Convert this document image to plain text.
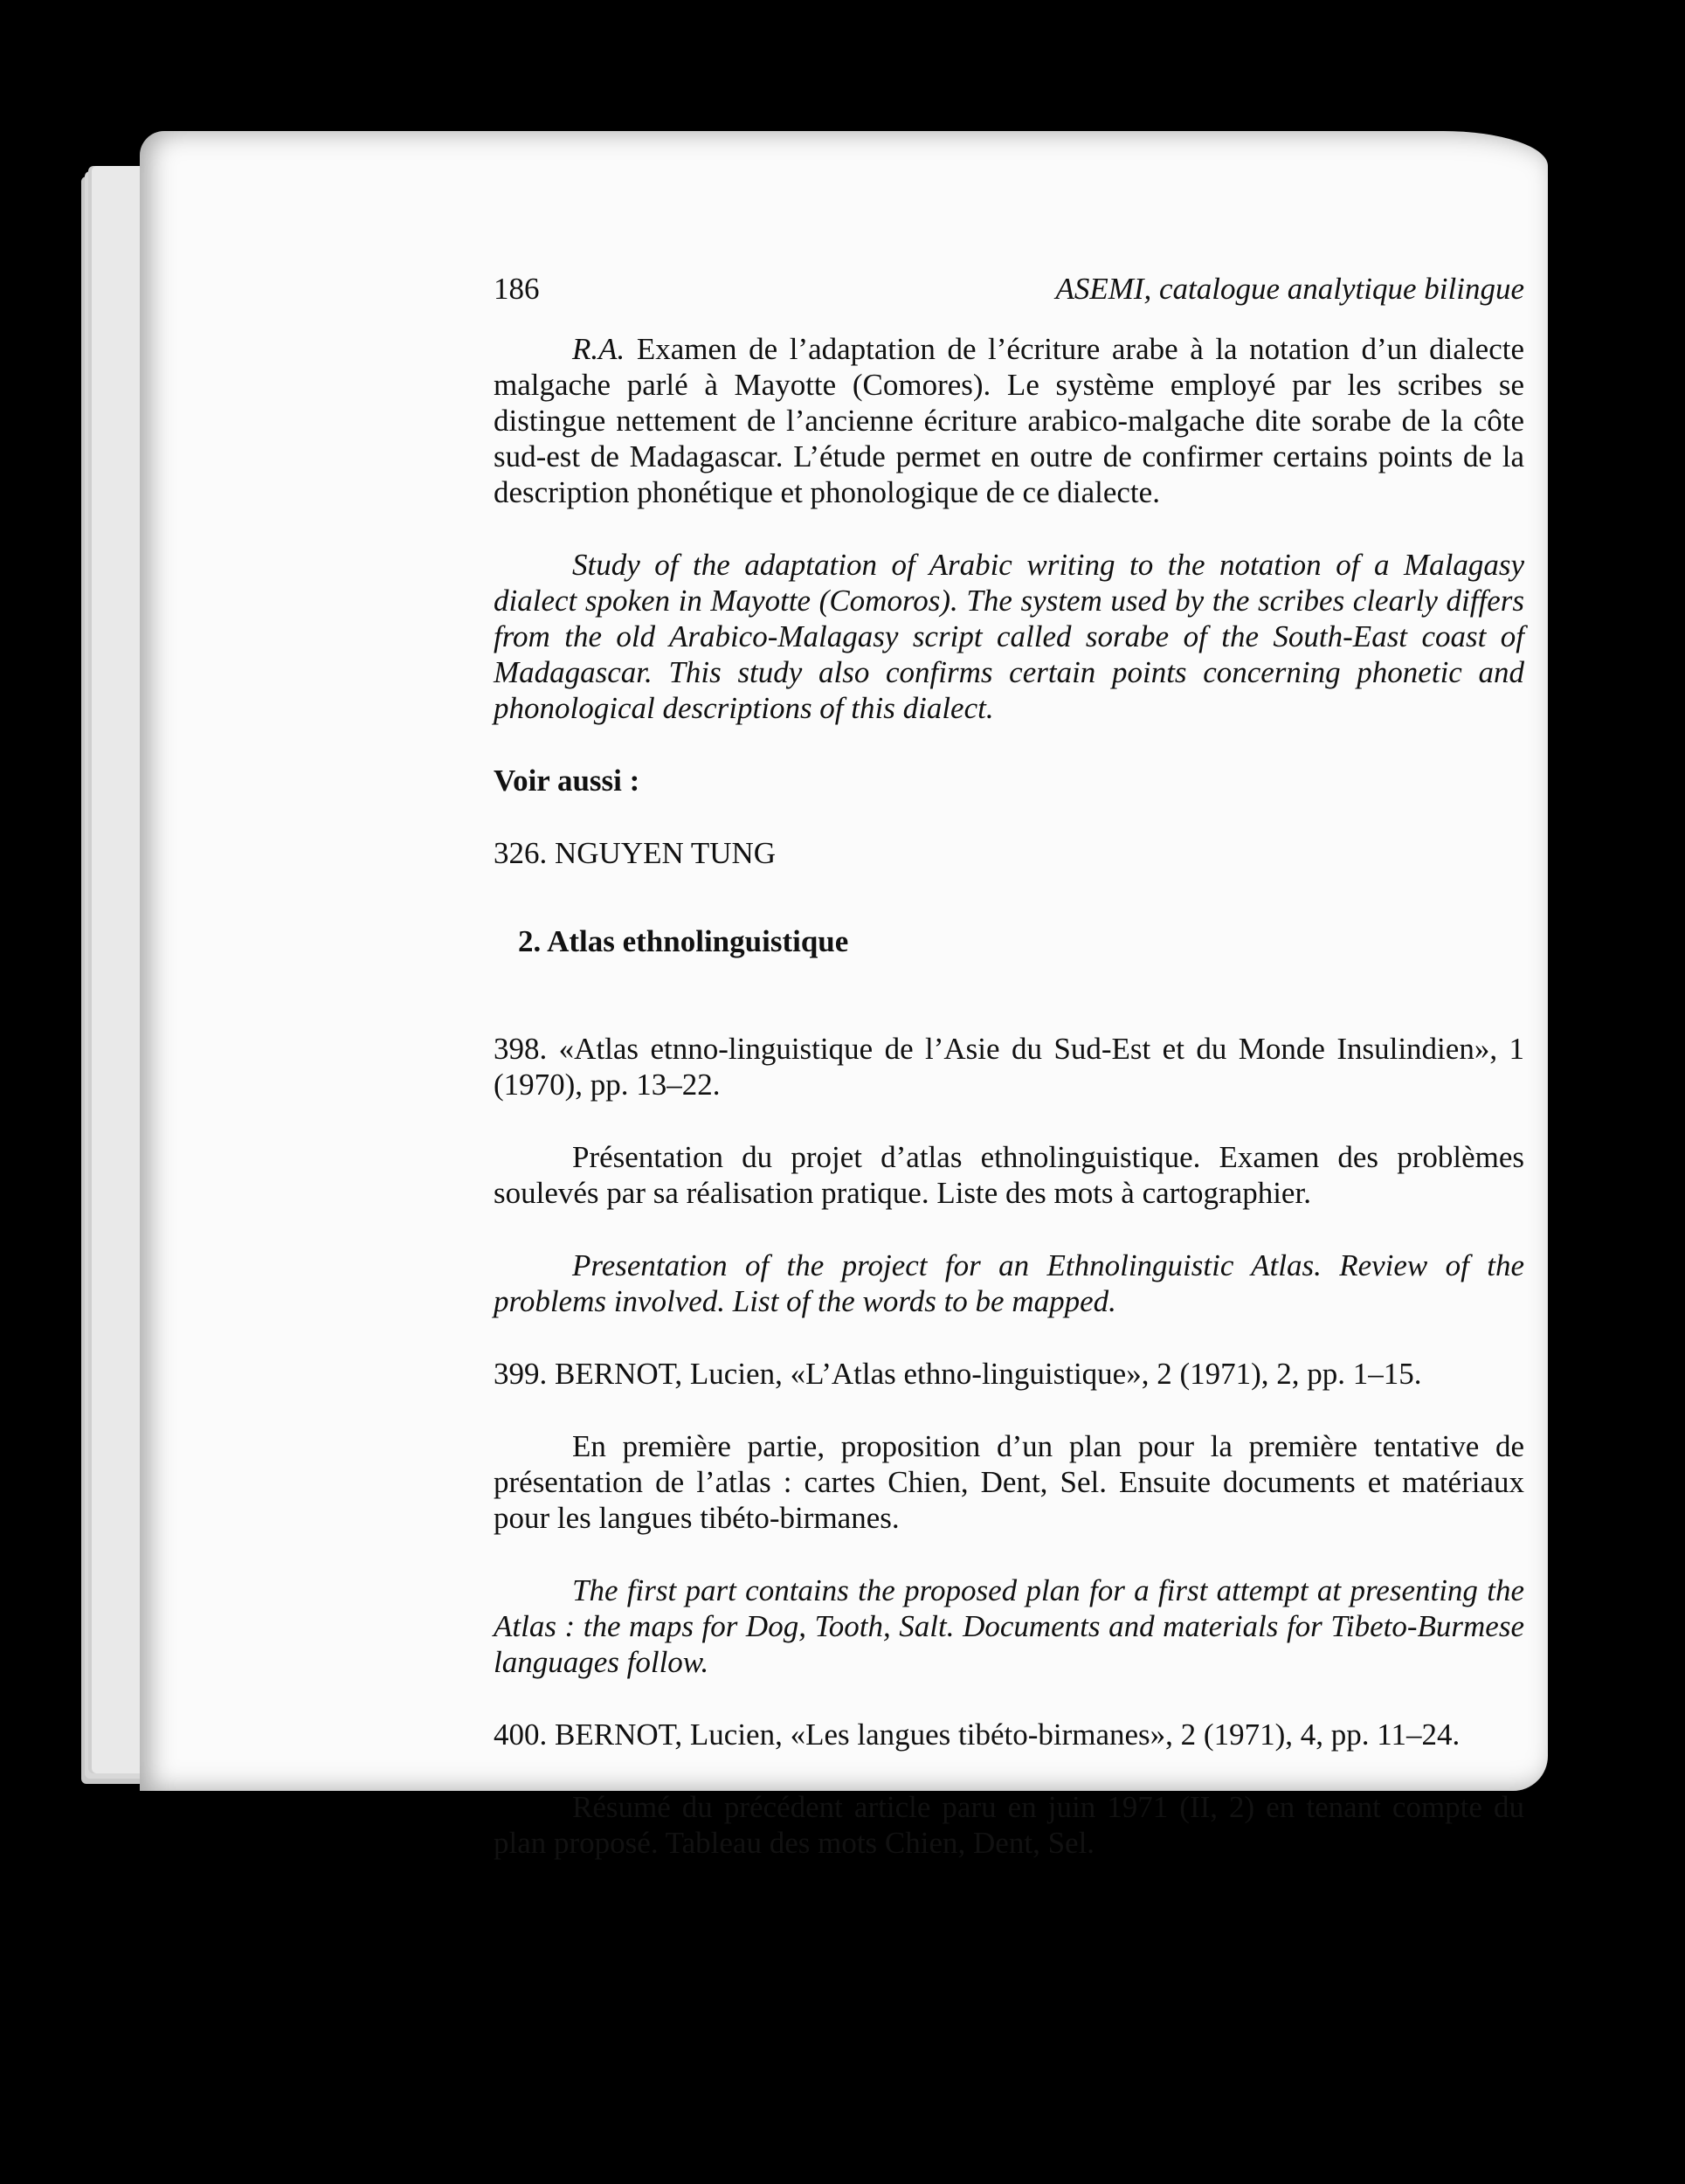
186	ASEMI, catalogue analytique bilingue

R.A. Examen de l’adaptation de l’écriture arabe à la notation d’un dialecte malgache parlé à Mayotte (Comores). Le système employé par les scribes se distingue nettement de l’ancienne écriture arabico-malgache dite sorabe de la côte sud-est de Madagascar. L’étude permet en outre de confirmer certains points de la description phonétique et phonologique de ce dialecte.

Study of the adaptation of Arabic writing to the notation of a Malagasy dialect spoken in Mayotte (Comoros). The system used by the scribes clearly differs from the old Arabico-Malagasy script called sorabe of the South-East coast of Madagascar. This study also confirms certain points concerning phonetic and phonological descriptions of this dialect.

Voir aussi :

326. NGUYEN TUNG

2. Atlas ethnolinguistique

398. «Atlas etnno-linguistique de l’Asie du Sud-Est et du Monde Insulindien», 1 (1970), pp. 13–22.

Présentation du projet d’atlas ethnolinguistique. Examen des problèmes soulevés par sa réalisation pratique. Liste des mots à cartographier.

Presentation of the project for an Ethnolinguistic Atlas. Review of the problems involved. List of the words to be mapped.

399. BERNOT, Lucien, «L’Atlas ethno-linguistique», 2 (1971), 2, pp. 1–15.

En première partie, proposition d’un plan pour la première tentative de présentation de l’atlas : cartes Chien, Dent, Sel. Ensuite documents et matériaux pour les langues tibéto-birmanes.

The first part contains the proposed plan for a first attempt at presenting the Atlas : the maps for Dog, Tooth, Salt. Documents and materials for Tibeto-Burmese languages follow.

400. BERNOT, Lucien, «Les langues tibéto-birmanes», 2 (1971), 4, pp. 11–24.

Résumé du précédent article paru en juin 1971 (II, 2) en tenant compte du plan proposé. Tableau des mots Chien, Dent, Sel.
